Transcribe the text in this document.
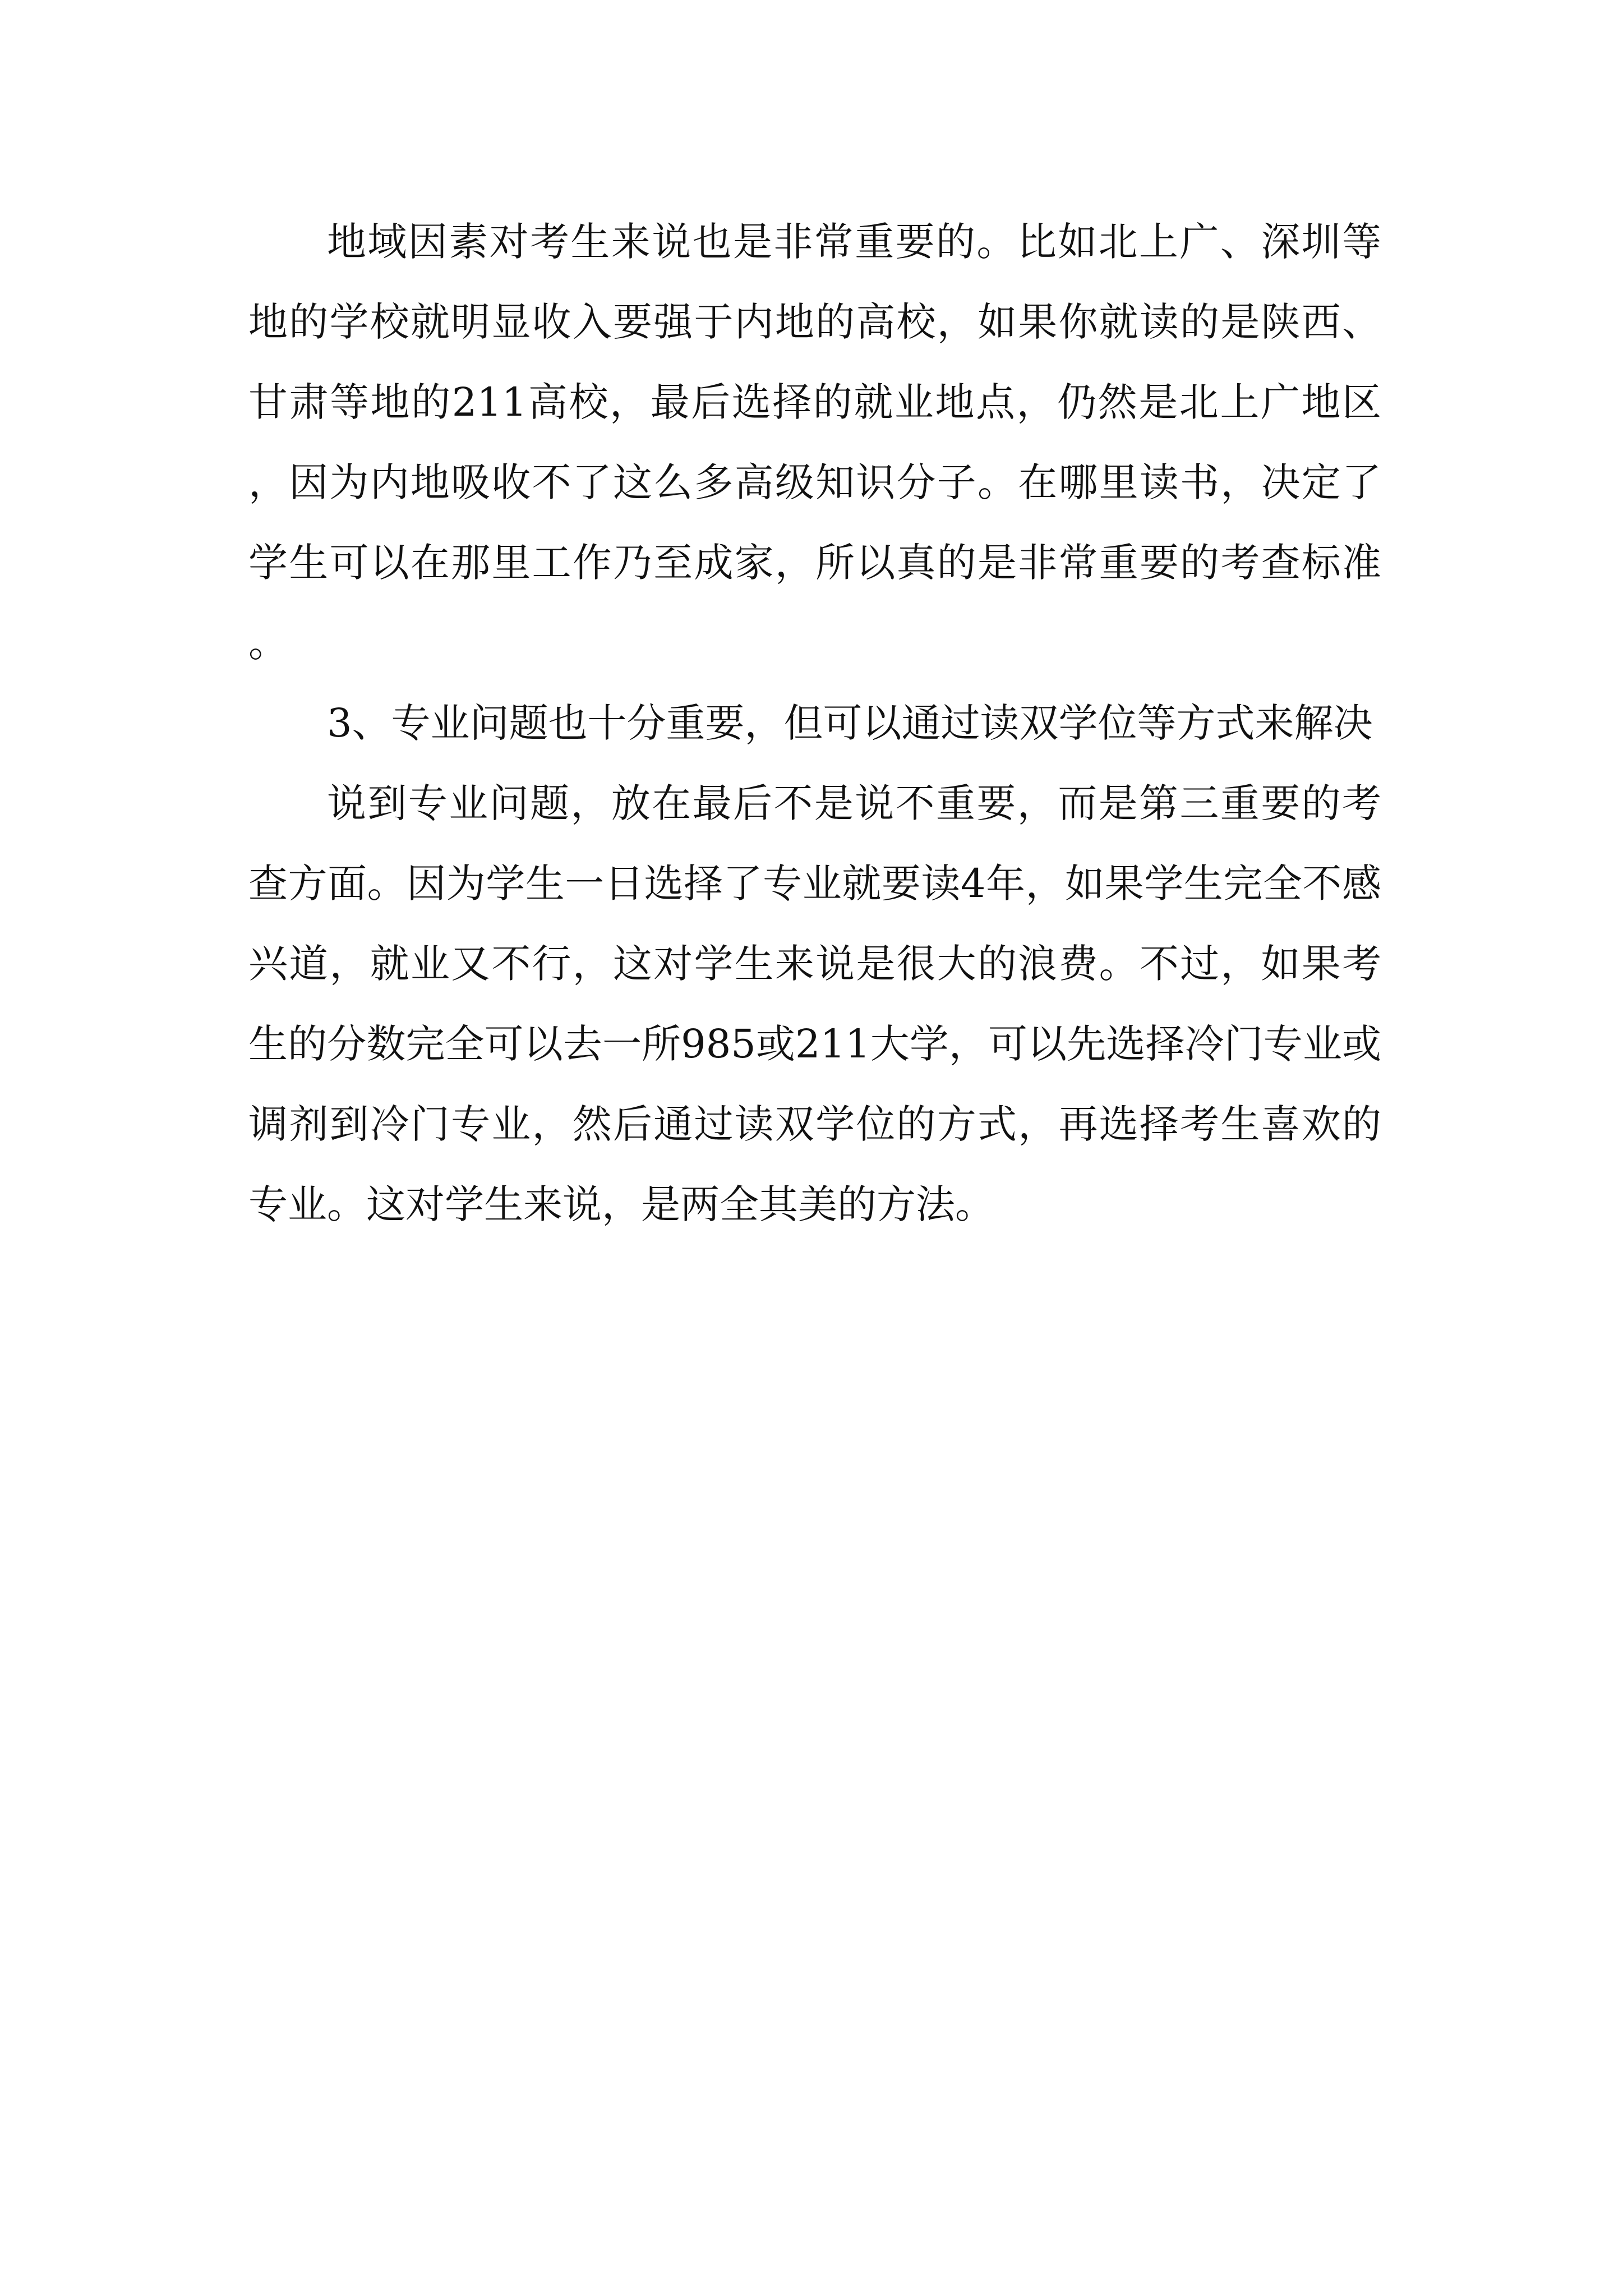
地域因素对考生来说也是非常重要的。比如北上广、深圳等地的学校就明显收入要强于内地的高校，如果你就读的是陕西、甘肃等地的211高校，最后选择的就业地点，仍然是北上广地区 ，因为内地吸收不了这么多高级知识分子。在哪里读书，决定了学生可以在那里工作乃至成家，所以真的是非常重要的考查标准。

3、专业问题也十分重要，但可以通过读双学位等方式来解决

说到专业问题，放在最后不是说不重要，而是第三重要的考查方面。因为学生一日选择了专业就要读4年，如果学生完全不感兴道，就业又不行，这对学生来说是很大的浪费。不过，如果考生的分数完全可以去一所985或211大学，可以先选择冷门专业或调剂到冷门专业，然后通过读双学位的方式，再选择考生喜欢的专业。这对学生来说，是两全其美的方法。
